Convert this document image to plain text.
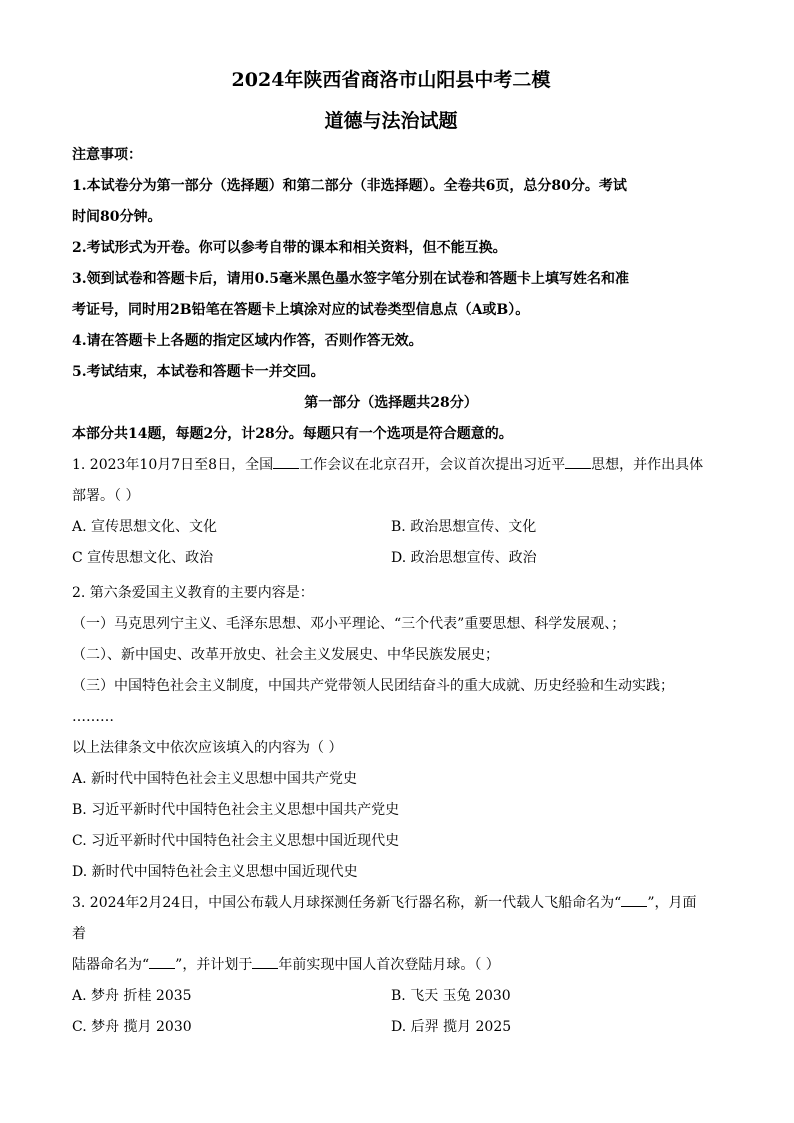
2024年陕西省商洛市山阳县中考二模
道德与法治试题
注意事项：
1.本试卷分为第一部分（选择题）和第二部分（非选择题）。全卷共6页，总分80分。考试
时间80分钟。
2.考试形式为开卷。你可以参考自带的课本和相关资料，但不能互换。
3.领到试卷和答题卡后，请用0.5毫米黑色墨水签字笔分别在试卷和答题卡上填写姓名和准
考证号，同时用2B铅笔在答题卡上填涂对应的试卷类型信息点（A或B）。
4.请在答题卡上各题的指定区域内作答，否则作答无效。
5.考试结束，本试卷和答题卡一并交回。
第一部分（选择题共28分）
本部分共14题，每题2分，计28分。每题只有一个选项是符合题意的。
1. 2023年10月7日至8日，全国 工作会议在北京召开，会议首次提出习近平 思想，并作出具体
部署。（ ）
A. 宣传思想文化、文化	B. 政治思想宣传、文化
C 宣传思想文化、政治	D. 政治思想宣传、政治
2. 第六条爱国主义教育的主要内容是：
（一）马克思列宁主义、毛泽东思想、邓小平理论、“三个代表”重要思想、科学发展观、；
（二）、新中国史、改革开放史、社会主义发展史、中华民族发展史；
（三）中国特色社会主义制度，中国共产党带领人民团结奋斗的重大成就、历史经验和生动实践；
………
以上法律条文中依次应该填入的内容为（ ）
A. 新时代中国特色社会主义思想中国共产党史
B. 习近平新时代中国特色社会主义思想中国共产党史
C. 习近平新时代中国特色社会主义思想中国近现代史
D. 新时代中国特色社会主义思想中国近现代史
3. 2024年2月24日，中国公布载人月球探测任务新飞行器名称，新一代载人飞船命名为“ ”，月面着
陆器命名为“ ”，并计划于 年前实现中国人首次登陆月球。（ ）
A. 梦舟 折桂 2035	B. 飞天 玉兔 2030
C. 梦舟 揽月 2030	D. 后羿 揽月 2025
